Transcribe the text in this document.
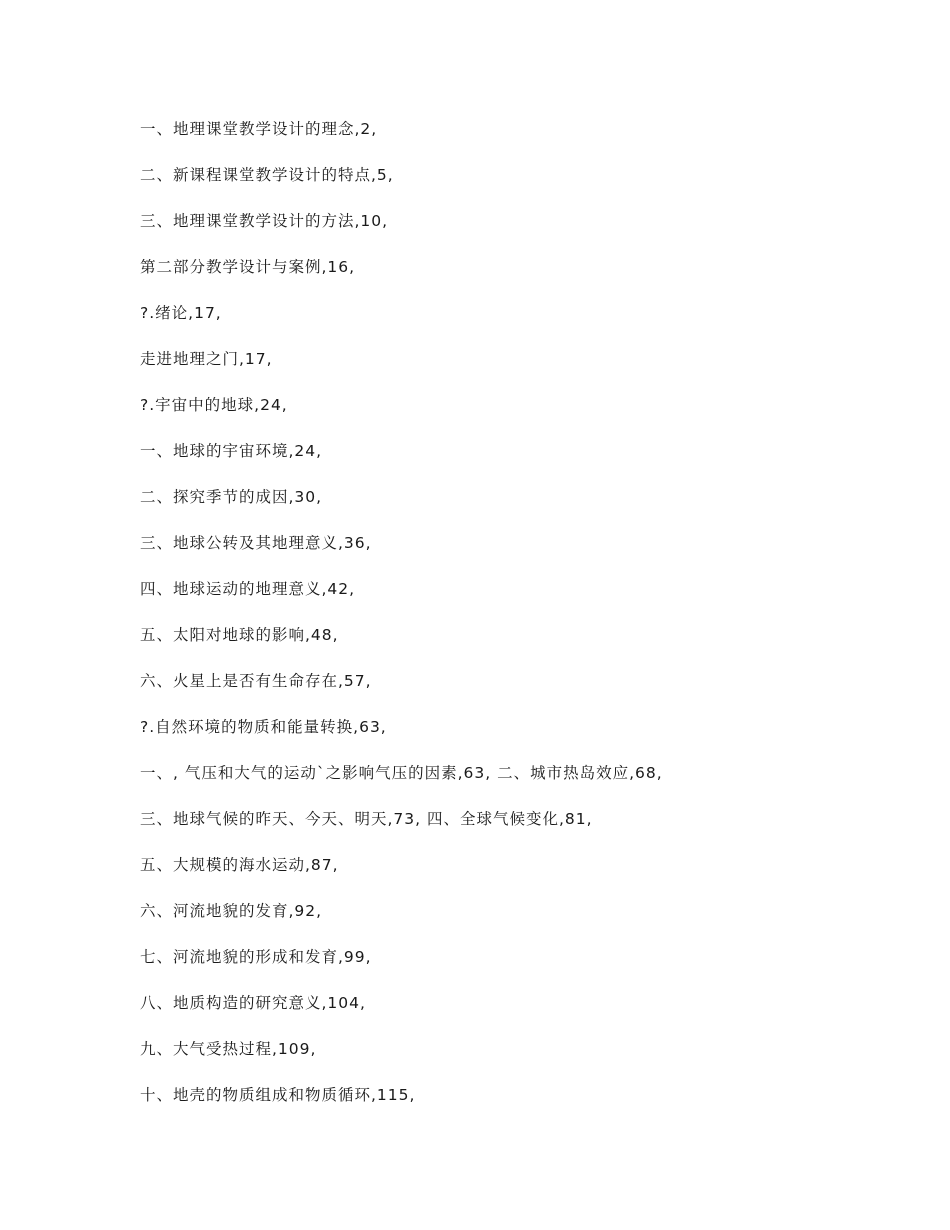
一、地理课堂教学设计的理念,2,
二、新课程课堂教学设计的特点,5,
三、地理课堂教学设计的方法,10,
第二部分教学设计与案例,16,
?.绪论,17,
走进地理之门,17,
?.宇宙中的地球,24,
一、地球的宇宙环境,24,
二、探究季节的成因,30,
三、地球公转及其地理意义,36,
四、地球运动的地理意义,42,
五、太阳对地球的影响,48,
六、火星上是否有生命存在,57,
?.自然环境的物质和能量转换,63,
一、, 气压和大气的运动`之影响气压的因素,63, 二、城市热岛效应,68,
三、地球气候的昨天、今天、明天,73, 四、全球气候变化,81,
五、大规模的海水运动,87,
六、河流地貌的发育,92,
七、河流地貌的形成和发育,99,
八、地质构造的研究意义,104,
九、大气受热过程,109,
十、地壳的物质组成和物质循环,115,
